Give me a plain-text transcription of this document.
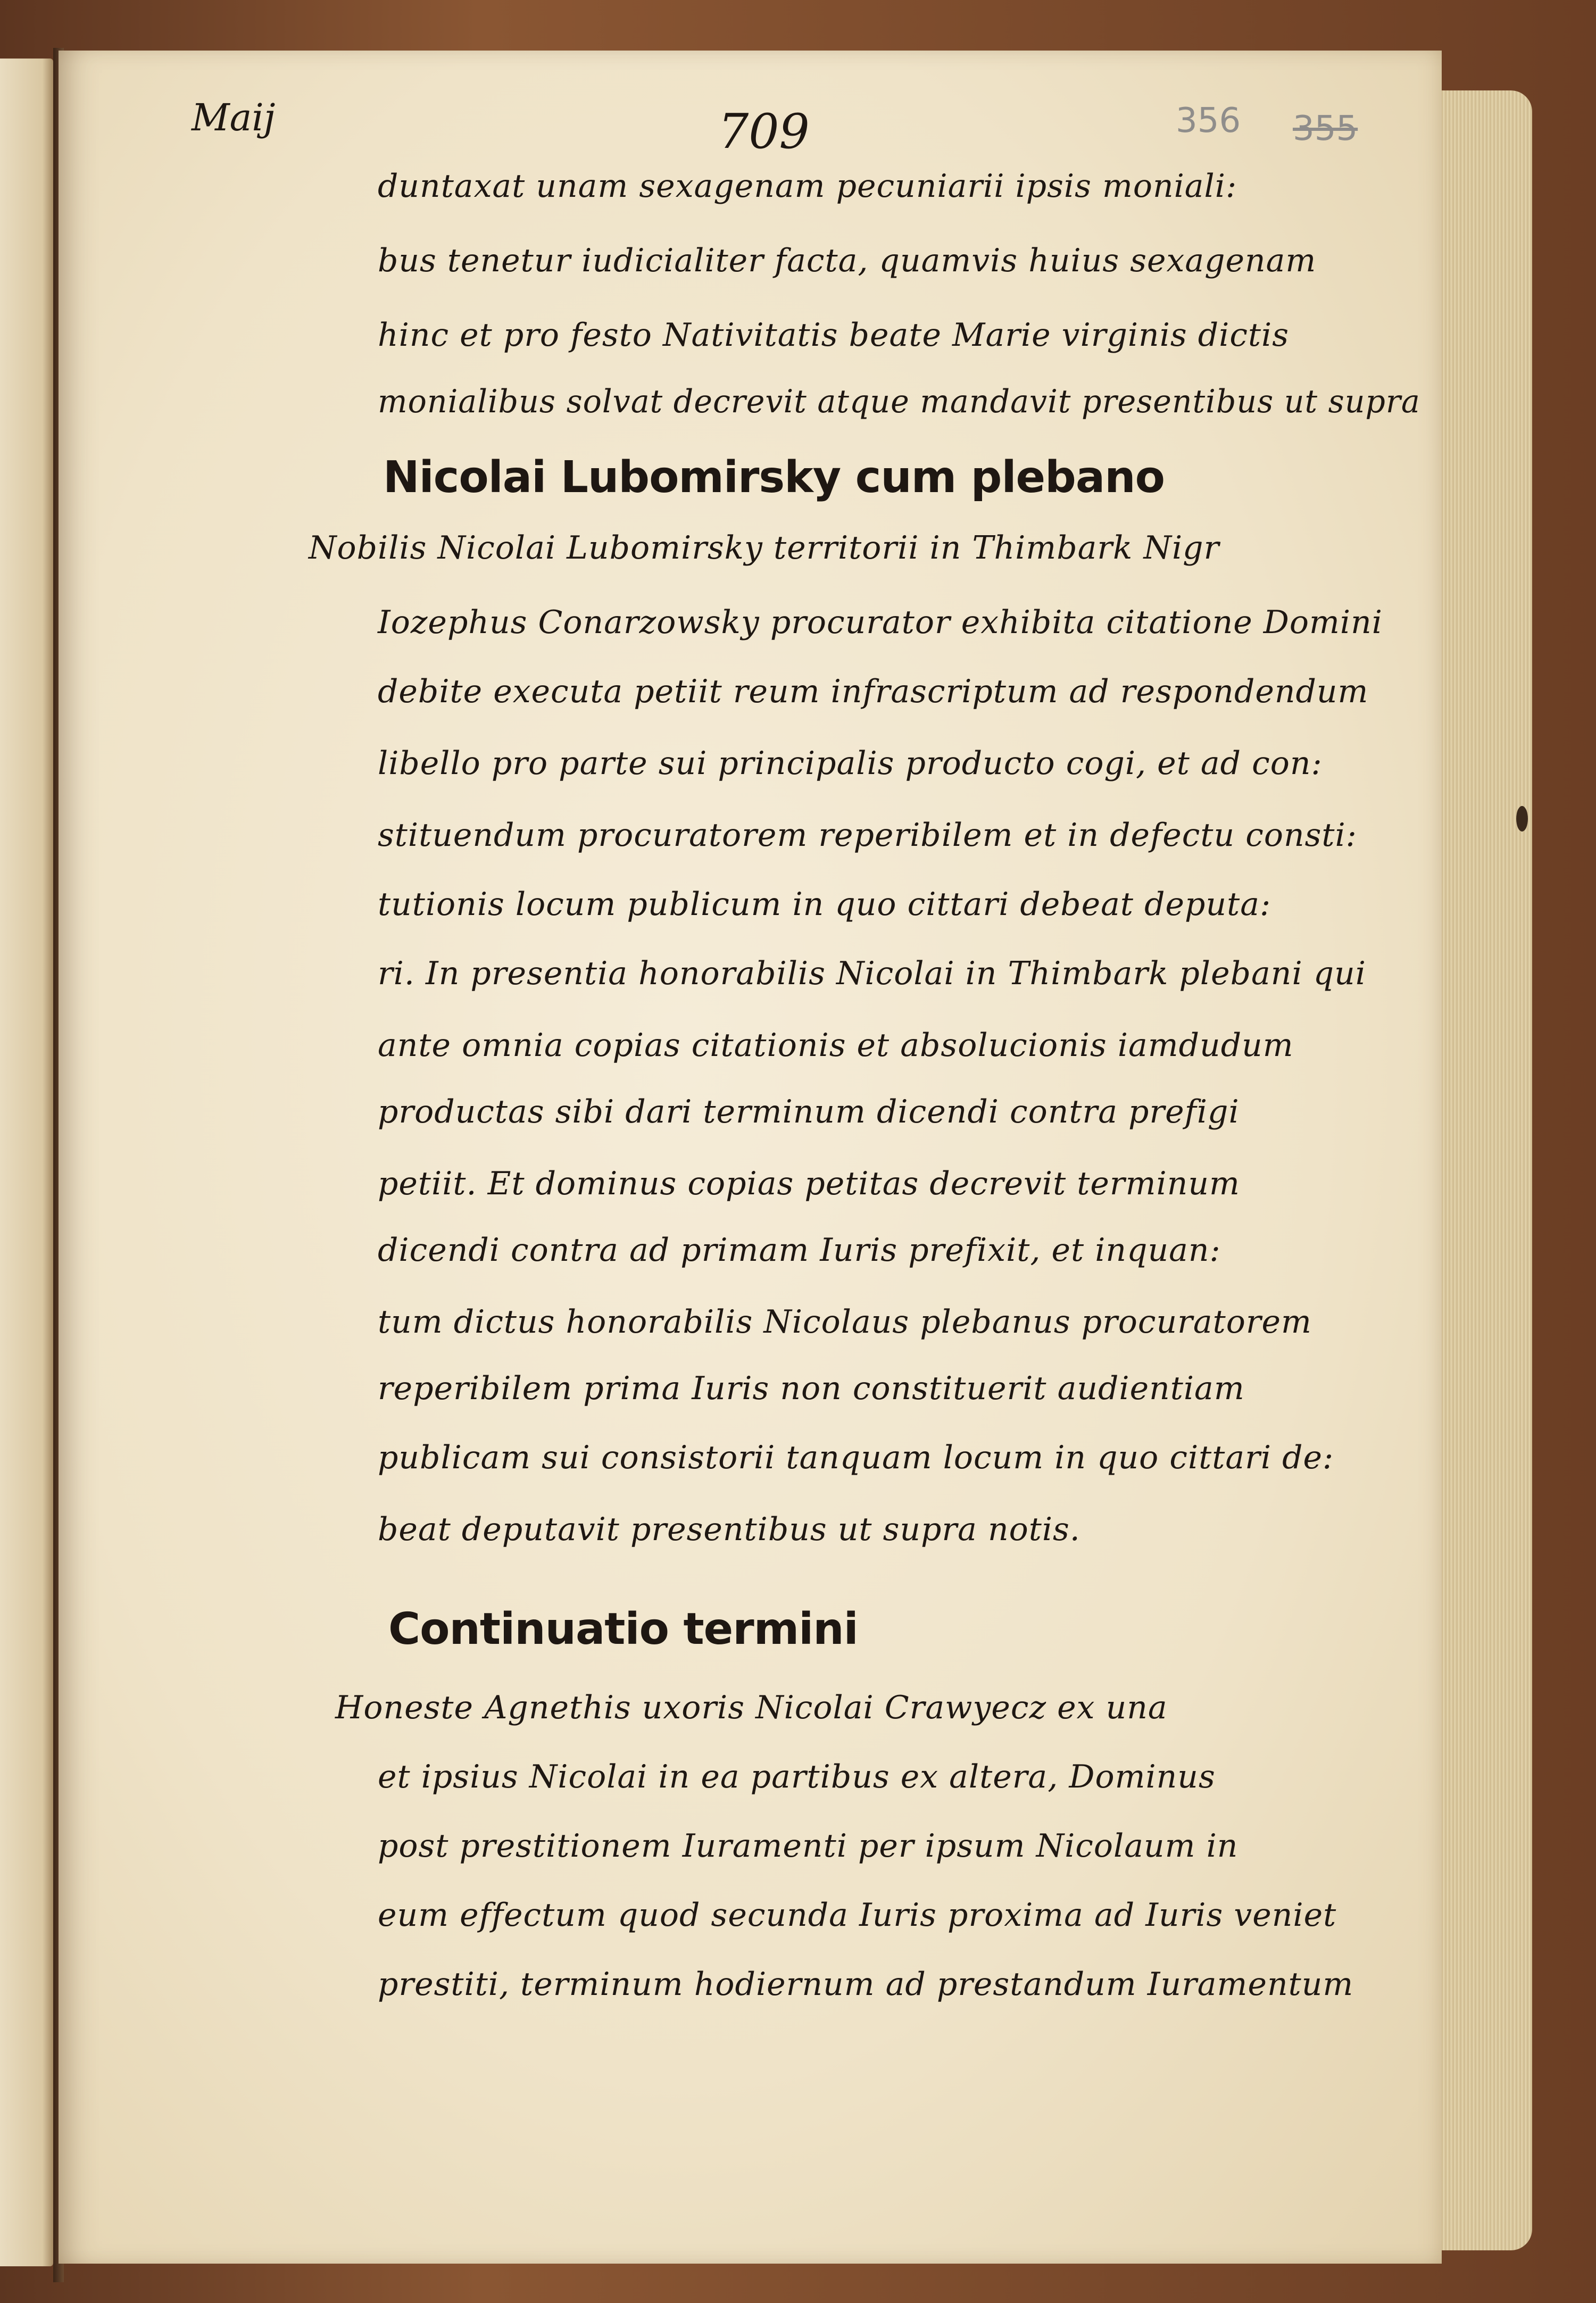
Maij	709	356 355
duntaxat unam sexagenam pecuniarii ipsis moniali:
bus tenetur iudicialiter facta, quamvis huius sexagenam
hinc et pro festo Nativitatis beate Marie virginis dictis
monialibus solvat decrevit atque mandavit presentibus ut supra
Nicolai Lubomirsky cum plebano
Nobilis Nicolai Lubomirsky territorii in Thimbark Nigr
Iozephus Conarzowsky procurator exhibita citatione Domini
debite executa petiit reum infrascriptum ad respondendum
libello pro parte sui principalis producto cogi, et ad con:
stituendum procuratorem reperibilem et in defectu consti:
tutionis locum publicum in quo cittari debeat deputa:
ri. In presentia honorabilis Nicolai in Thimbark plebani qui
ante omnia copias citationis et absolucionis iamdudum
productas sibi dari terminum dicendi contra prefigi
petiit. Et dominus copias petitas decrevit terminum
dicendi contra ad primam Iuris prefixit, et inquan:
tum dictus honorabilis Nicolaus plebanus procuratorem
reperibilem prima Iuris non constituerit audientiam
publicam sui consistorii tanquam locum in quo cittari de:
beat deputavit presentibus ut supra notis.
Continuatio termini
Honeste Agnethis uxoris Nicolai Crawyecz ex una
et ipsius Nicolai in ea partibus ex altera, Dominus
post prestitionem Iuramenti per ipsum Nicolaum in
eum effectum quod secunda Iuris proxima ad Iuris veniet
prestiti, terminum hodiernum ad prestandum Iuramentum
